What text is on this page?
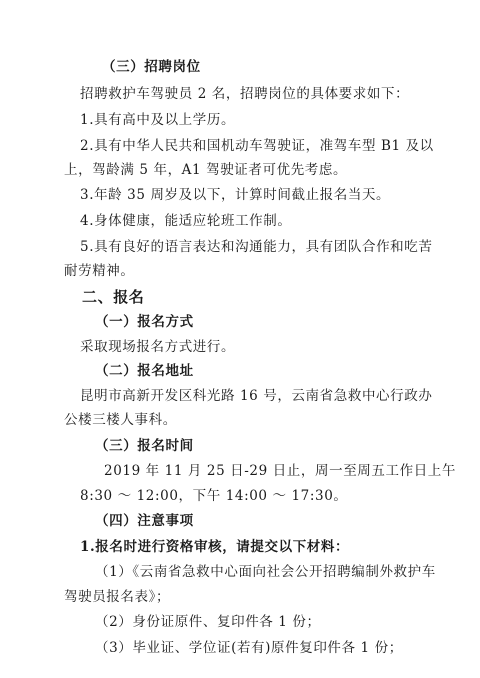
（三）招聘岗位
招聘救护车驾驶员 2 名，招聘岗位的具体要求如下：
1.具有高中及以上学历。
2.具有中华人民共和国机动车驾驶证，准驾车型 B1 及以
上，驾龄满 5 年，A1 驾驶证者可优先考虑。
3.年龄 35 周岁及以下，计算时间截止报名当天。
4.身体健康，能适应轮班工作制。
5.具有良好的语言表达和沟通能力，具有团队合作和吃苦
耐劳精神。
二、报名
（一）报名方式
采取现场报名方式进行。
（二）报名地址
昆明市高新开发区科光路 16 号，云南省急救中心行政办
公楼三楼人事科。
（三）报名时间
2019 年 11 月 25 日-29 日止，周一至周五工作日上午
8:30 ～ 12:00，下午 14:00 ～ 17:30。
（四）注意事项
1.报名时进行资格审核，请提交以下材料：
（1）《云南省急救中心面向社会公开招聘编制外救护车
驾驶员报名表》；
（2）身份证原件、复印件各 1 份；
（3）毕业证、学位证(若有)原件复印件各 1 份；
